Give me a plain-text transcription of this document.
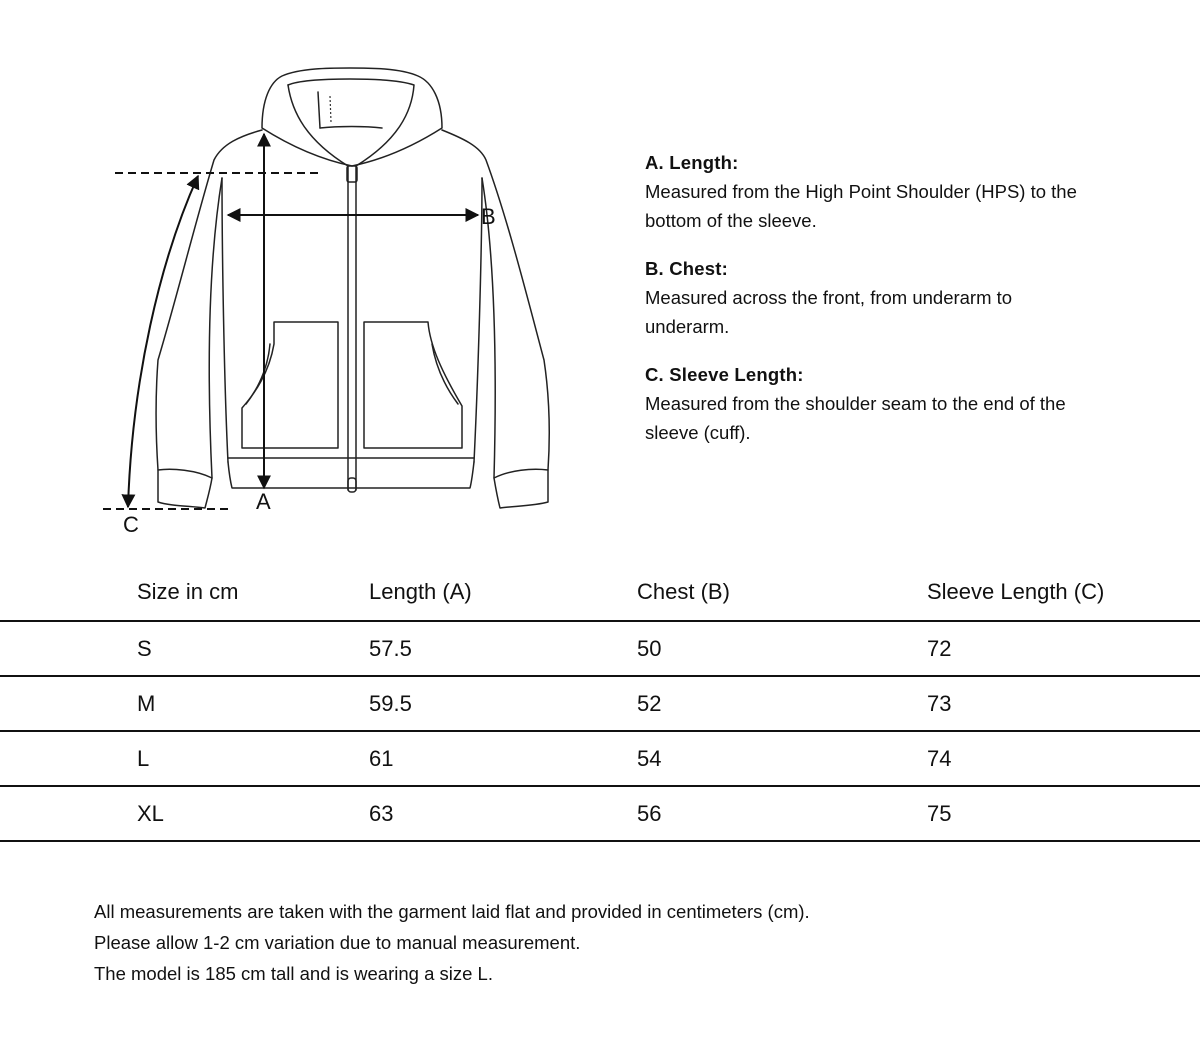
A
B
C
A. Length:
Measured from the High Point Shoulder (HPS) to the bottom of the sleeve.
B. Chest:
Measured across the front, from underarm to underarm.
C. Sleeve Length:
Measured from the shoulder seam to the end of the sleeve (cuff).
Size in cm	Length (A)	Chest (B)	Sleeve Length (C)
S	57.5	50	72
M	59.5	52	73
L	61	54	74
XL	63	56	75
All measurements are taken with the garment laid flat and provided in centimeters (cm).
Please allow 1-2 cm variation due to manual measurement.
The model is 185 cm tall and is wearing a size L.
